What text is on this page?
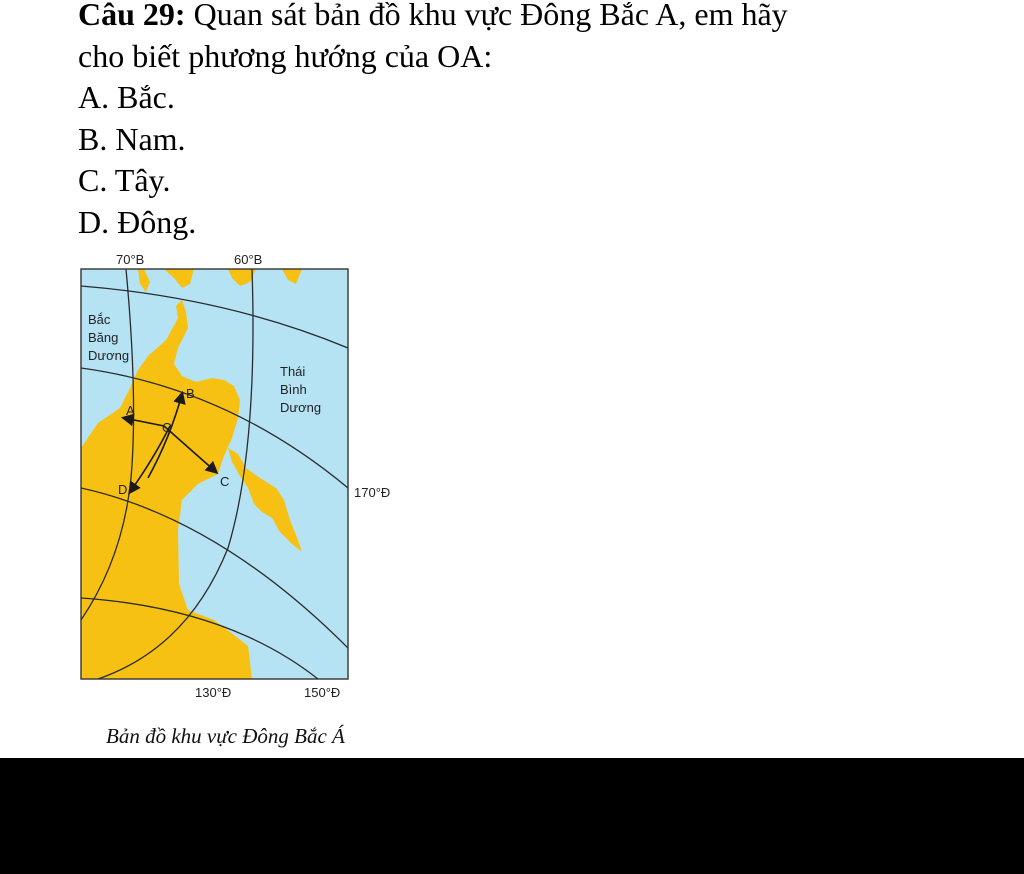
Câu 29: Quan sát bản đồ khu vực Đông Bắc A, em hãy
cho biết phương hướng của OA:
A. Bắc.
B. Nam.
C. Tây.
D. Đông.
70°B	60°B
130°Đ	150°Đ
170°Đ
Bắc
Băng
Dương
Thái
Bình
Dương
A
B
C
D
O
Bản đồ khu vực Đông Bắc Á
